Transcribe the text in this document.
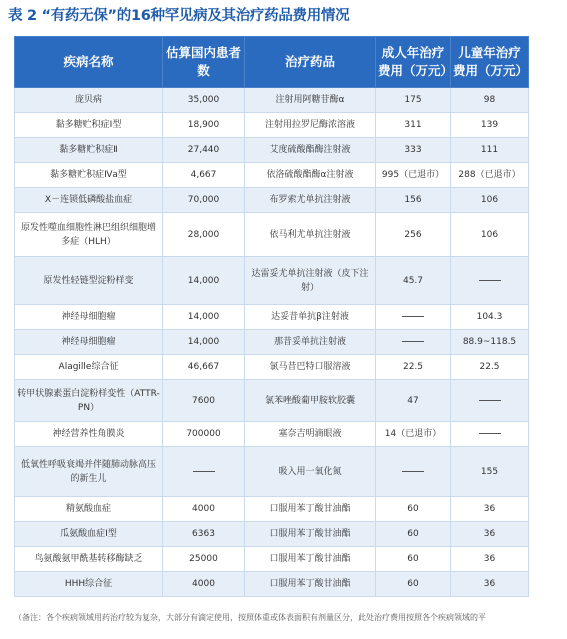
表 2 “有药无保”的16种罕见病及其治疗药品费用情况
疾病名称	估算国内患者数	治疗药品	成人年治疗费用（万元）	儿童年治疗费用（万元）
庞贝病	35,000	注射用阿糖苷酶α	175	98
黏多糖贮积症Ⅰ型	18,900	注射用拉罗尼酶浓溶液	311	139
黏多糖贮积症Ⅱ	27,440	艾度硫酸酯酶注射液	333	111
黏多糖贮积症Ⅳa型	4,667	依洛硫酸酯酶α注射液	995（已退市）	288（已退市）
X－连锁低磷酸盐血症	70,000	布罗索尤单抗注射液	156	106
原发性噬血细胞性淋巴组织细胞增多症（HLH）	28,000	依马利尤单抗注射液	256	106
原发性轻链型淀粉样变	14,000	达雷妥尤单抗注射液（皮下注射）	45.7	
神经母细胞瘤	14,000	达妥昔单抗β注射液		104.3
神经母细胞瘤	14,000	那昔妥单抗注射液		88.9~118.5
Alagille综合征	46,667	氯马昔巴特口服溶液	22.5	22.5
转甲状腺素蛋白淀粉样变性（ATTR-PN）	7600	氯苯唑酸葡甲胺软胶囊	47	
神经营养性角膜炎	700000	塞奈吉明滴眼液	14（已退市）	
低氧性呼吸衰竭并伴随肺动脉高压的新生儿		吸入用一氧化氮		155
精氨酸血症	4000	口服用苯丁酸甘油酯	60	36
瓜氨酸血症Ⅰ型	6363	口服用苯丁酸甘油酯	60	36
鸟氨酸氨甲酰基转移酶缺乏	25000	口服用苯丁酸甘油酯	60	36
HHH综合征	4000	口服用苯丁酸甘油酯	60	36
（备注：各个疾病领域用药治疗较为复杂，大部分有滴定使用，按照体重或体表面积有剂量区分，此处治疗费用按照各个疾病领域的平
